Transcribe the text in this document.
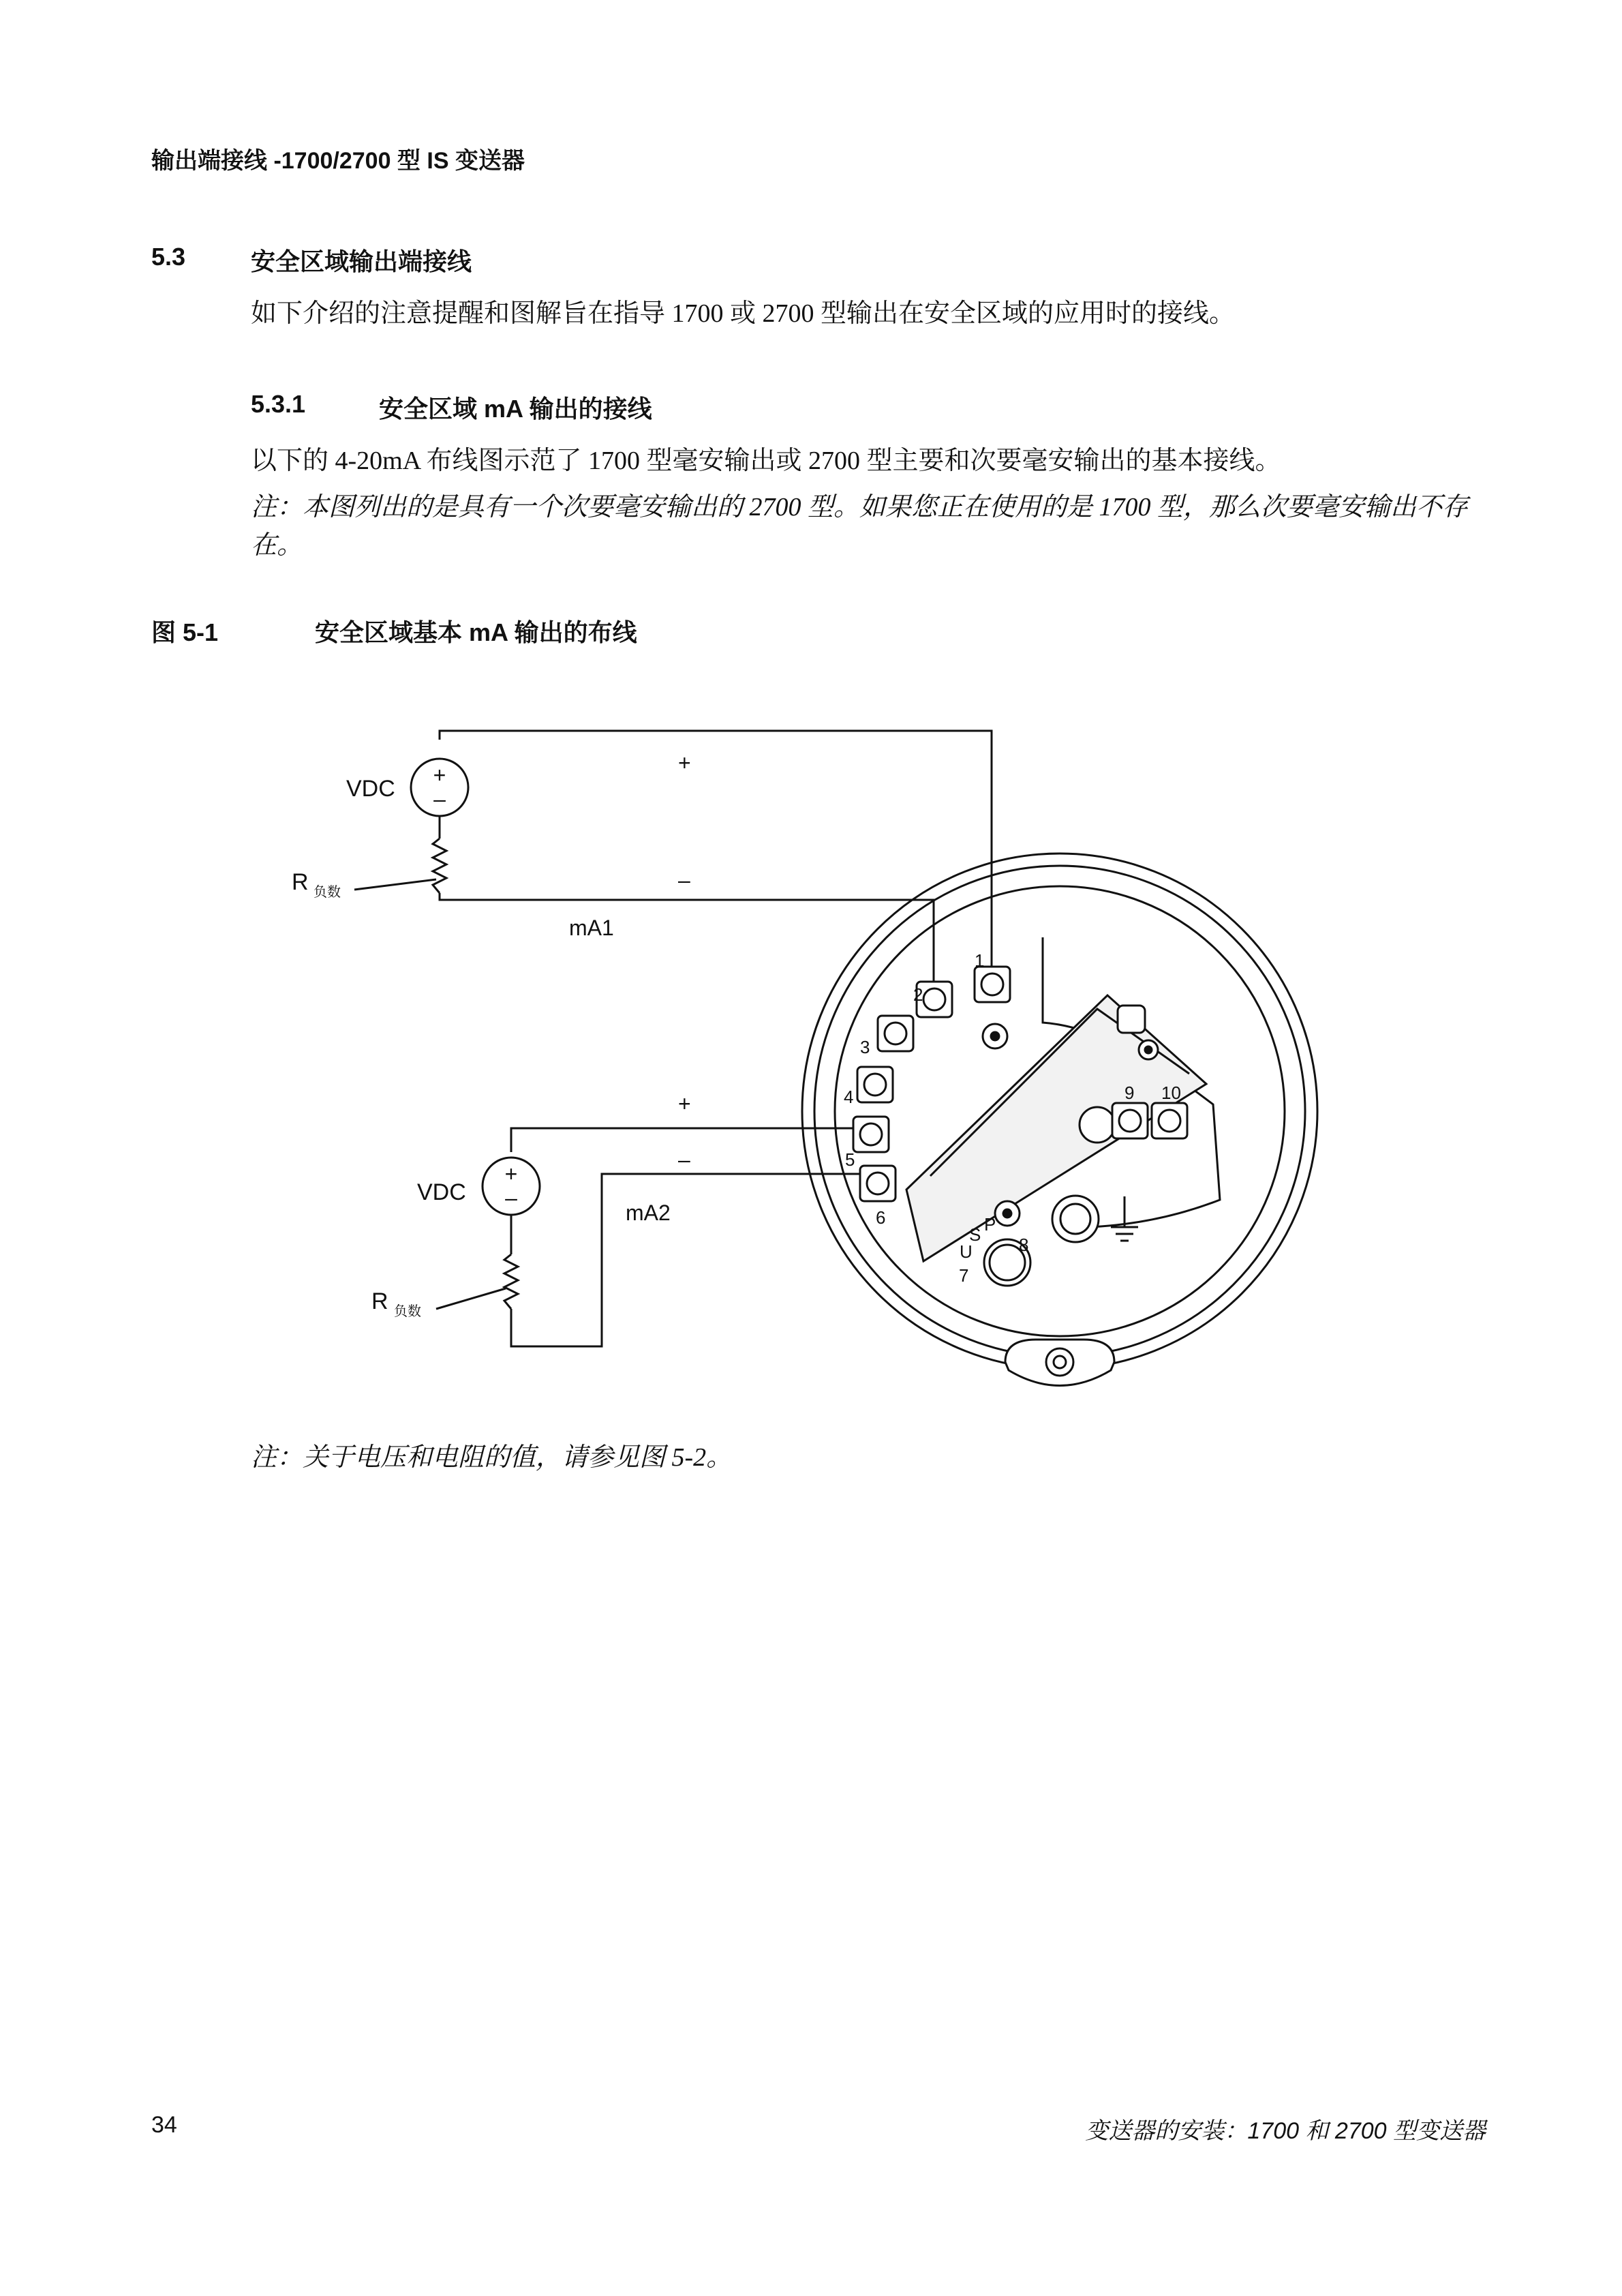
输出端接线 -1700/2700 型 IS 变送器
5.3	安全区域输出端接线
如下介绍的注意提醒和图解旨在指导 1700 或 2700 型输出在安全区域的应用时的接线。
5.3.1	安全区域 mA 输出的接线
以下的 4-20mA 布线图示范了 1700 型毫安输出或 2700 型主要和次要毫安输出的基本接线。
注：本图列出的是具有一个次要毫安输出的 2700 型。如果您正在使用的是 1700 型，那么次要毫安输出不存在。
图 5-1	安全区域基本 mA 输出的布线
+
–
+
–
VDC
VDC
R 负数
R 负数
+
–
mA1
+
–
mA2
1
2
3
4
5
6
7
8
9 10
U
S P
注：关于电压和电阻的值，请参见图 5-2。
34	变送器的安装：1700 和 2700 型变送器
